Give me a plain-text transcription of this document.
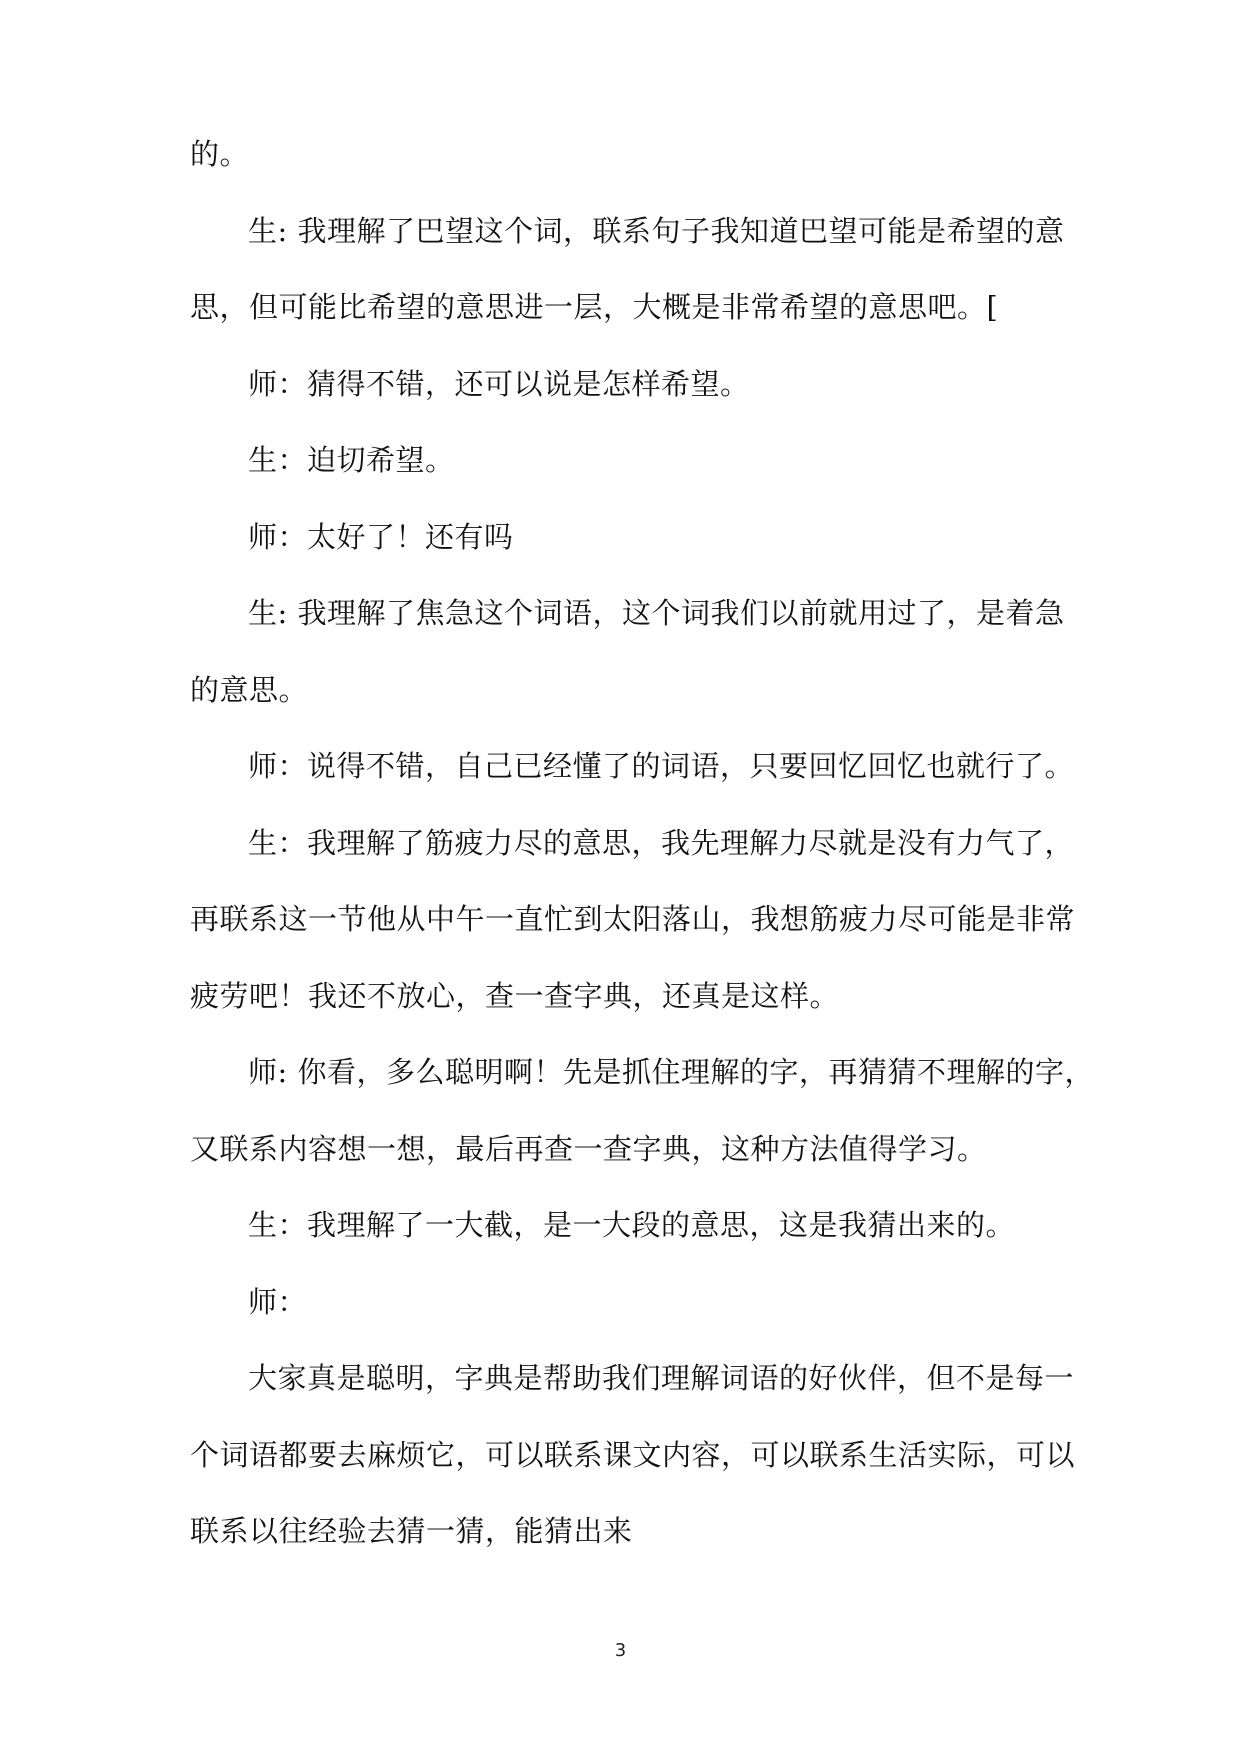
的。
生: 我理解了巴望这个词，联系句子我知道巴望可能是希望的意
思，但可能比希望的意思进一层，大概是非常希望的意思吧。[
师：猜得不错，还可以说是怎样希望。
生：迫切希望。
师：太好了！还有吗
生: 我理解了焦急这个词语，这个词我们以前就用过了，是着急
的意思。
师：说得不错，自己已经懂了的词语，只要回忆回忆也就行了。
生：我理解了筋疲力尽的意思，我先理解力尽就是没有力气了，
再联系这一节他从中午一直忙到太阳落山，我想筋疲力尽可能是非常
疲劳吧！我还不放心，查一查字典，还真是这样。
师: 你看，多么聪明啊！先是抓住理解的字，再猜猜不理解的字，
又联系内容想一想，最后再查一查字典，这种方法值得学习。
生：我理解了一大截，是一大段的意思，这是我猜出来的。
师：
大家真是聪明，字典是帮助我们理解词语的好伙伴，但不是每一
个词语都要去麻烦它，可以联系课文内容，可以联系生活实际，可以
联系以往经验去猜一猜，能猜出来
3
